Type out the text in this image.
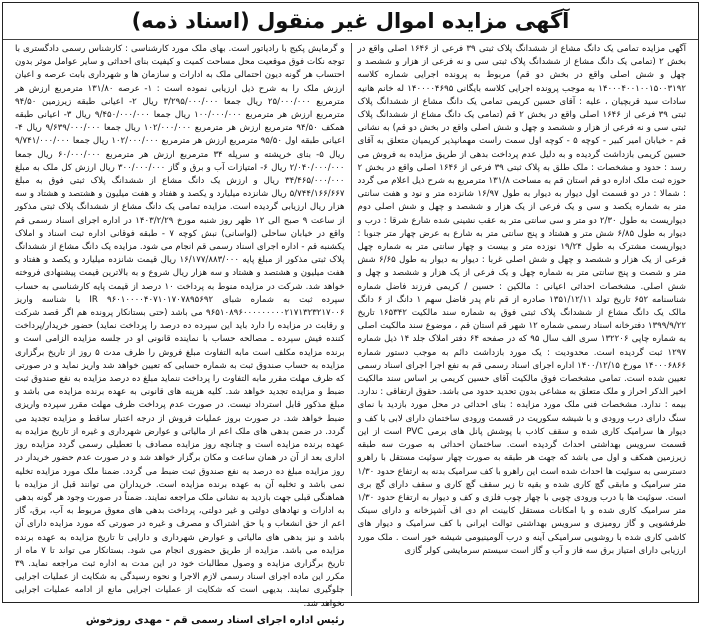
آگهی مزایده اموال غیر منقول (اسناد ذمه)

آگهی مزایده تمامی یک دانگ مشاع از ششدانگ پلاک ثبتی ۳۹ فرعی از ۱۶۴۶ اصلی واقع در بخش ۲ (تمامی یک دانگ مشاع از ششدانگ پلاک ثبتی سی و نه فرعی از هزار و ششصد و چهل و شش اصلی واقع در بخش دو قم) مربوط به پرونده اجرایی شماره کلاسه ۱۴۰۰۰۴۰۰۱۰۰۱۵۰۰۳۱۹۲ به موجب پرونده اجرایی کلاسه بایگانی ۱۴۰۰۰۰۴۶۹۵ له خانم هانیه سادات سید قربچیان ، علیه : آقای حسین کریمی تمامی یک دانگ مشاع از ششدانگ پلاک ثبتی ۳۹ فرعی از ۱۶۴۶ اصلی واقع در بخش ۲ قم (تمامی یک دانگ مشاع از ششدانگ پلاک ثبتی سی و نه فرعی از هزار و ششصد و چهل و شش اصلی واقع در بخش دو قم) به نشانی قم - خیابان امیر کبیر - کوچه ۵ - کوچه اول سمت راست مهمانپذیر کریمیان متعلق به آقای حسین کریمی بازداشت گردیده و به دلیل عدم پرداخت بدهی از طریق مزایده به فروش می رسد : حدود و مشخصات : ملک طلق به پلاک ثبتی ۳۹ فرعی از ۱۶۴۶ اصلی واقع در بخش ۲ حوزه ثبت ملک اداره دو قم استان قم به مساحت ۱۳۱/۸ مترمربع به شرح ذیل اعلام می گردد : شمالا : در دو قسمت اول دیوار به دیوار به طول ۱۶/۹۷ شانزده متر و نود و هفت سانتی متر به شماره یکصد و سی و یک فرعی از یک هزار و ششصد و چهل و شش اصلی دوم دیواریست به طول ۲/۳۰ دو متر و سی سانتی متر به عقب نشینی شده شارع شرقا : درب و دیوار به طول ۶/۸۵ شش متر و هشتاد و پنج سانتی متر به شارع به عرض چهار متر جنوبا : دیواریست مشترک به طول ۱۹/۲۴ نوزده متر و بیست و چهار سانتی متر به شماره چهل فرعی از یک هزار و ششصد و چهل و شش اصلی غربا : دیوار به دیوار به طول ۶/۶۵ شش متر و شصت و پنج سانتی متر به شماره چهل و یک فرعی از یک هزار و ششصد و چهل و شش اصلی. مشخصات احداثی اعیانی : مالکین : حسین / کریمی فرزند فاضل شماره شناسنامه ۶۵۲ تاریخ تولد ۱۳۵۱/۱۲/۱۱ صادره از قم نام پدر فاضل سهم ۱ دانگ از ۶ دانگ مالک یک دانگ مشاع از ششدانگ پلاک ثبتی فوق به شماره سند مالکیت ۱۶۵۳۴۲ تاریخ ۱۳۹۹/۹/۲۲ دفترخانه اسناد رسمی شماره ۱۲ شهر قم استان قم ، موضوع سند مالکیت اصلی به شماره چاپی ۱۳۲۲۰۶ سری الف سال ۹۵ که در صفحه ۶۴ دفتر املاک جلد ۱۴ ذیل شماره ۱۲۹۷ ثبت گردیده است. محدودیت : یک مورد بازداشت دائم به موجب دستور شماره ۱۴۰۰۰۶۸۶۶ مورخ ۱۴۰۰/۱۲/۱۵ اداره اجرای اسناد رسمی قم به نفع اجرا اجرای اسناد رسمی تعیین شده است. تمامی مشخصات فوق مالکیت آقای حسین کریمی بر اساس سند مالکیت اخیر الذکر احراز و ملک متعلق به مشاعی بدون تحدید حدود می باشد. حقوق ارتفاقی : ندارد. بیمه : ندارد. مشخصات فنی ملک مورد مزایده : بنای احداثی در محل مورد بازدید با نمای سنگ دارای درب ورودی و با شیشه سکوریت در قسمت ورودی ساختمان دارای لابی با کف و دیوار ها سرامیک کاری شده و سقف کاذب با پوشش پانل های برمی PVC است از این قسمت سرویس بهداشتی احداث گردیده است. ساختمان احداثی به صورت سه طبقه زیرزمین همکف و اول می باشد که جهت هر طبقه به صورت چهار سوئیت مستقل با راهرو دسترسی به سوئیت ها احداث شده است این راهرو با کف سرامیک بدنه به ارتفاع حدود ۱/۳۰ متر سرامیک و مابقی گچ کاری شده و بقیه تا زیر سقف گچ کاری و سقف دارای گچ بری است. سوئیت ها با درب ورودی چوبی با چهار چوب فلزی و کف و دیوار به ارتفاع حدود ۱/۳۰ متر سرامیک کاری شده و با امکانات مستقل کابینت ام دی اف آشپزخانه و دارای سینک ظرفشویی و گاز رومیزی و سرویس بهداشتی توالت ایرانی با کف سرامیک و دیوار های کاشی کاری شده با روشویی سرامیکی آینه و درب آلومینیومی شیشه خور است . ملک مورد ارزیابی دارای امتیاز برق سه فاز و آب و گاز است سیستم سرمایشی کولر گازی

و گرمایش پکیج با رادیاتور است. بهای ملک مورد کارشناسی : کارشناس رسمی دادگستری با توجه نکات فوق موقعیت محل مساحت کمیت و کیفیت بنای احداثی و سایر عوامل موثر بدون احتساب هر گونه دیون احتمالی ملک به ادارات و سازمان ها و شهرداری بابت عرصه و اعیان ارزش ملک را به شرح ذیل ارزیابی نموده است : ۱- عرصه ۱۳۱/۸۰ مترمربع ارزش هر مترمربع ۲۵/۰۰۰/۰۰۰ ریال جمعا ۳/۲۹۵/۰۰۰/۰۰۰ ریال ۲- اعیانی طبقه زیرزمین ۹۴/۵۰ مترمربع ارزش هر مترمربع ۱۰۰/۰۰۰/۰۰۰ ریال جمعا ۹/۴۵۰/۰۰۰/۰۰۰ ریال ۳- اعیانی طبقه همکف ۹۴/۵۰ مترمربع ارزش هر مترمربع ۱۰۲/۰۰۰/۰۰۰ ریال جمعا ۹/۶۳۹/۰۰۰/۰۰۰ ریال ۴- اعیانی طبقه اول ۹۵/۵۰ مترمربع ارزش هر مترمربع ۱۰۲/۰۰۰/۰۰۰ ریال جمعا ۹/۷۴۱/۰۰۰/۰۰۰ ریال ۵- بنای خرپشته و سرپله ۳۴ مترمربع ارزش هر مترمربع ۶۰/۰۰۰/۰۰۰ ریال جمعا ۲/۰۴۰/۰۰۰/۰۰۰ ریال ۶- امتیازات آب و برق و گاز ۳۰۰/۰۰۰/۰۰۰ ریال ارزش کل ملک به مبلغ ۳۴/۴۶۵/۰۰۰/۰۰۰ ریال و ارزش یک دانگ مشاع از ششدانگ پلاک ثبتی فوق به مبلغ ۵/۷۴۴/۱۶۶/۶۶۷ ریال شانزده میلیارد و یکصد و هفتاد و هفت میلیون و هشتصد و هشتاد و سه هزار ریال ارزیابی گردیده است. مزایده تمامی یک دانگ مشاع از ششدانگ پلاک ثبتی مذکور از ساعت ۹ صبح الی ۱۲ ظهر روز شنبه مورخ ۱۴۰۳/۲/۲۹ در اداره اجرای اسناد رسمی قم واقع در خیابان ساحلی (لواسانی) نبش کوچه ۷ - طبقه فوقانی اداره ثبت اسناد و املاک یکشنبه قم - اداره اجرای اسناد رسمی قم انجام می شود. مزایده یک دانگ مشاع از ششدانگ پلاک ثبتی مذکور از مبلغ پایه ۱۶/۱۷۷/۸۸۳/۰۰۰ ریال قیمت شانزده میلیارد و یکصد و هفتاد و هفت میلیون و هشتصد و هشتاد و سه هزار ریال شروع و به بالاترین قیمت پیشنهادی فروخته خواهد شد. شرکت در مزایده منوط به پرداخت ۱۰ درصد از قیمت پایه کارشناسی به حساب سپرده ثبت به شماره شبای IR ۹۶۰۱۰۰۰۰۴۰۷۱۰۱۷۰۷۸۹۵۶۹۲ با شناسه واریز ۹۶۵۱۰۸۹۶۰۰۰۰۰۰۰۰۰۲۱۷۱۳۲۳۲۱۷۰۰۶ می باشد (حتی بستانکار پرونده هم اگر قصد شرکت و رقابت در مزایده را دارد باید این سپرده ده درصد را پرداخت نماید) حضور خریدار/پرداخت کننده فیش سپرده ـ مصالحه حساب با نماینده قانونی او در جلسه مزایده الزامی است و برنده مزایده مکلف است مابه التفاوت مبلغ فروش را ظرف مدت ۵ روز از تاریخ برگزاری مزایده به حساب صندوق ثبت به شماره حسابی که تعیین خواهد شد واریز نماید و در صورتی که ظرف مهلت مقرر مابه التفاوت را پرداخت ننماید مبلغ ده درصد مزایده به نفع صندوق ثبت ضبط و مزایده تجدید خواهد شد. کلیه هزینه های قانونی به عهده برنده مزایده می باشد و مبلغ مذکور قابل استرداد نیست. در صورت عدم پرداخت ظرف مهلت مقرر سپرده واریزی ضبط خواهد شد. در صورت بروز عملیات فروش از درجه اعتبار ساقط و مزایده تجدید می گردد. در ضمن بدهی های ملک اعم از مالیاتی و عوارض شهرداری و غیره از تاریخ مزایده به عهده برنده مزایده است و چنانچه روز مزایده مصادف با تعطیلی رسمی گردد مزایده روز اداری بعد از آن در همان ساعت و مکان برگزار خواهد شد و در صورت عدم حضور خریدار در روز مزایده مبلغ ده درصد به نفع صندوق ثبت ضبط می گردد. ضمنا ملک مورد مزایده تخلیه نمی باشد و تخلیه آن به عهده برنده مزایده است. خریداران می توانند قبل از مزایده با هماهنگی قبلی جهت بازدید به نشانی ملک مراجعه نمایند. ضمناً در صورت وجود هر گونه بدهی به ادارات و نهادهای دولتی و غیر دولتی، پرداخت بدهی های معوق مربوط به آب، برق، گاز اعم از حق انشعاب و یا حق اشتراک و مصرف و غیره در صورتی که مورد مزایده دارای آن باشد و نیز بدهی های مالیاتی و عوارض شهرداری و دارایی تا تاریخ مزایده به عهده برنده مزایده می باشد. مزایده از طریق حضوری انجام می شود. بستانکار می تواند تا ۷ ماه از تاریخ برگزاری مزایده و وصول مطالبات خود در این مدت به اداره ثبت مراجعه نماید. ۳۹ مکرر این ماده اجرای اسناد رسمی لازم الاجرا و نحوه رسیدگی به شکایت از عملیات اجرایی جلوگیری نمایند. بدیهی است که شکایت از عملیات اجرایی مانع از ادامه عملیات اجرایی نخواهد شد.

رئیس اداره اجرای اسناد رسمی قم - مهدی روزخوش
